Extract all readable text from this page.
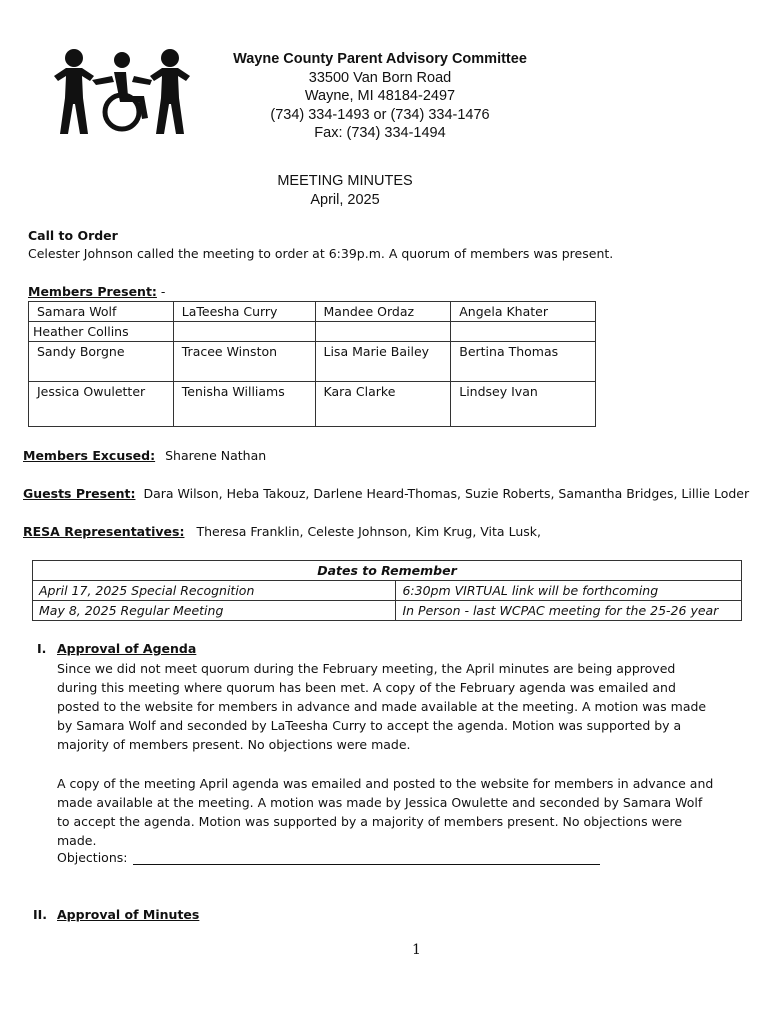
Wayne County Parent Advisory Committee
33500 Van Born Road
Wayne, MI 48184-2497
(734) 334-1493 or (734) 334-1476
Fax: (734) 334-1494
MEETING MINUTES
April, 2025
Call to Order
Celester Johnson called the meeting to order at 6:39p.m. A quorum of members was present.
Members Present: -
Samara Wolf	LaTeesha Curry	Mandee Ordaz	Angela Khater
Heather Collins			
Sandy Borgne	Tracee Winston	Lisa Marie Bailey	Bertina Thomas
Jessica Owuletter	Tenisha Williams	Kara Clarke	Lindsey Ivan
Members Excused: Sharene Nathan
Guests Present: Dara Wilson, Heba Takouz, Darlene Heard-Thomas, Suzie Roberts, Samantha Bridges, Lillie Loder
RESA Representatives: Theresa Franklin, Celeste Johnson, Kim Krug, Vita Lusk,
Dates to Remember	
April 17, 2025 Special Recognition	6:30pm VIRTUAL link will be forthcoming
May 8, 2025 Regular Meeting	In Person - last WCPAC meeting for the 25-26 year
I. Approval of Agenda
Since we did not meet quorum during the February meeting, the April minutes are being approved during this meeting where quorum has been met. A copy of the February agenda was emailed and posted to the website for members in advance and made available at the meeting. A motion was made by Samara Wolf and seconded by LaTeesha Curry to accept the agenda. Motion was supported by a majority of members present. No objections were made.
A copy of the meeting April agenda was emailed and posted to the website for members in advance and made available at the meeting. A motion was made by Jessica Owulette and seconded by Samara Wolf to accept the agenda. Motion was supported by a majority of members present. No objections were made.
Objections:
II. Approval of Minutes
1
